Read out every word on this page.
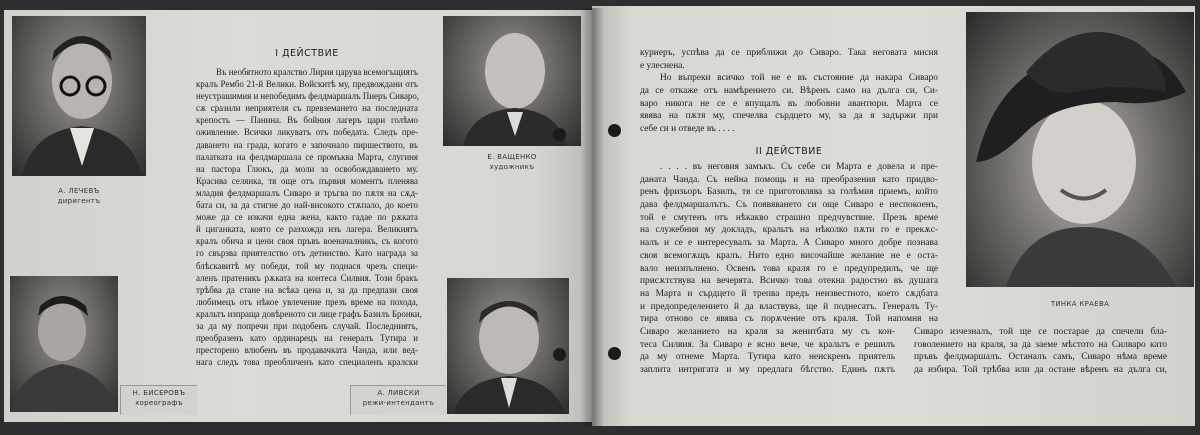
А. ЛЕЧЕВЪ
диригентъ
Е. ВАЩЕНКО
художникъ
Н. БИСЕРОВЪ
хореографъ
А. ЛИВСКИ
режи-интендантъ
I ДЕЙСТВИЕ
Въ необятното кралство Лирия царува всемогъщиятъ
кралъ Рембо 21-й Велики. Войскитѣ му, предвождани отъ
неустрашимия и непобедимъ фелдмаршалъ Пиеръ Сиваро,
сѫ сразили неприятеля съ превземането на последната
крепость — Панина. Въ бойния лагеръ цари голѣмо
оживление. Всички ликуватъ отъ победата. Следъ пре-
даването на града, когато е започнало пиршеството, въ
палатката на фелдмаршала се промъква Марта, слугиня
на пастора Глюкъ, да моли за освобождаването му.
Красива селянка, тя още отъ първия моментъ пленява
младия фелдмаршалъ Сиваро и тръгва по пѫтя на сѫд-
бата си, за да стигне до най-високото стѫпало, до което
може да се изкачи една жена, както гадае по рѫката
й циганката, която се разхожда изъ лагера. Великиятъ
кралъ обича и цени своя пръвъ военачалникъ, съ когото
го свързва приятелство отъ детинство. Като награда за
блѣскавитѣ му победи, той му поднася чрезъ специ-
аленъ пратеникъ рѫката на контеса Силвия. Този бракъ
трѣбва да стане на всѣка цена и, за да предпази своя
любимецъ отъ нѣкое увлечение презъ време на похода,
кральтъ изпраща довѣреното си лице графъ Базилъ Бронки,
за да му попречи при подобенъ случай. Последниятъ,
преобразенъ като ординарецъ на генералъ Тутира и
престорено влюбенъ въ продавачката Чанда, или вед-
нага следъ това преобличенъ като специаленъ кралски
куриеръ, успѣва да се приближи до Сиваро. Така неговата мисия
е улеснена.
Но въпреки всичко той не е въ състояние да накара Сиваро
да се откаже отъ намѣрението си. Вѣренъ само на дълга си, Си-
варо никога не се е впущалъ въ любовни авантюри. Марта се
явява на пѫтя му, спечелва сърдцето му, за да я задържи при
себе си и отведе въ . . . .
II ДЕЙСТВИЕ
. . . . въ неговия замъкъ. Съ себе си Марта е довела и пре-
даната Чанда. Съ нейна помощь и на преобразения като придво-
ренъ фризьоръ Базилъ, тя се приготовлява за голѣмия приемъ, който
дава фелдмаршалътъ. Съ появяването си още Сиваро е неспокоенъ,
той е смутенъ отъ нѣкакво страшно предчувствие. Презъ време
на служебния му докладъ, кральтъ на нѣколко пѫти го е прекѫс-
налъ и се е интересувалъ за Марта. А Сиваро много добре познава
своя всемогѫщъ кралъ. Нито едно височайше желание не е оста-
вало неизпълнено. Освенъ това краля го е предупредилъ, че ще
присѫтствува на вечерята. Всичко това отекна радостно въ душата
на Марта и сърдцето й трепва предъ неизвестното, което сѫдбата
и предопределението й да властвува, ще й поднесатъ. Генералъ Ту-
тира отново се явява съ порѫчение отъ краля. Той напомня на
Сиваро желанието на краля за женитбата му съ кон-
теса Силвия. За Сиваро е ясно вече, че кральтъ е решилъ
да му отнеме Марта. Тутира като неискренъ приятель
заплита интригата и му предлага бѣгство. Единъ пѫтъ
Сиваро изчезналъ, той ще се постарае да спечели бла-
говолението на краля, за да заеме мѣстото на Силваро като
пръвъ фелдмаршалъ. Останалъ самъ, Сиваро нѣма време
да избира. Той трѣбва или да остане вѣренъ на дълга си,
ТИНКА КРАЕВА
